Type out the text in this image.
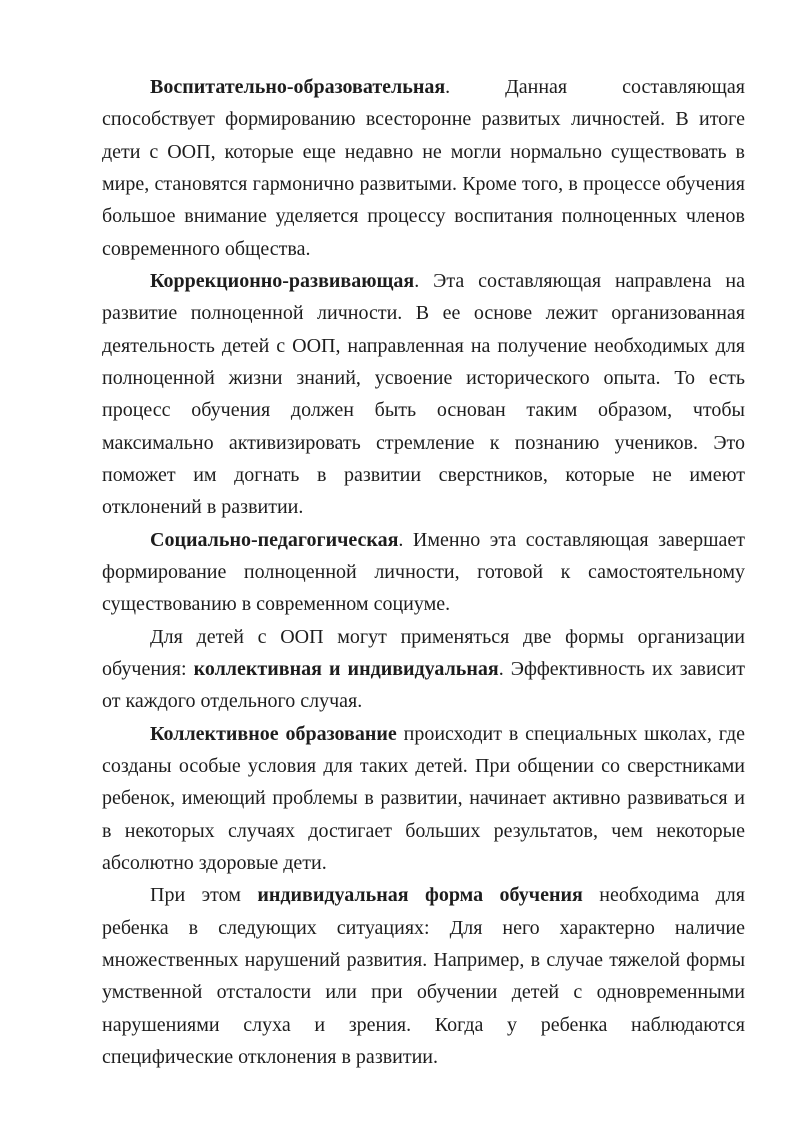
Воспитательно-образовательная. Данная составляющая способствует формированию всесторонне развитых личностей. В итоге дети с ООП, которые еще недавно не могли нормально существовать в мире, становятся гармонично развитыми. Кроме того, в процессе обучения большое внимание уделяется процессу воспитания полноценных членов современного общества.

Коррекционно-развивающая. Эта составляющая направлена на развитие полноценной личности. В ее основе лежит организованная деятельность детей с ООП, направленная на получение необходимых для полноценной жизни знаний, усвоение исторического опыта. То есть процесс обучения должен быть основан таким образом, чтобы максимально активизировать стремление к познанию учеников. Это поможет им догнать в развитии сверстников, которые не имеют отклонений в развитии.

Социально-педагогическая. Именно эта составляющая завершает формирование полноценной личности, готовой к самостоятельному существованию в современном социуме.

Для детей с ООП могут применяться две формы организации обучения: коллективная и индивидуальная. Эффективность их зависит от каждого отдельного случая.

Коллективное образование происходит в специальных школах, где созданы особые условия для таких детей. При общении со сверстниками ребенок, имеющий проблемы в развитии, начинает активно развиваться и в некоторых случаях достигает больших результатов, чем некоторые абсолютно здоровые дети.

При этом индивидуальная форма обучения необходима для ребенка в следующих ситуациях: Для него характерно наличие множественных нарушений развития. Например, в случае тяжелой формы умственной отсталости или при обучении детей с одновременными нарушениями слуха и зрения. Когда у ребенка наблюдаются специфические отклонения в развитии.
